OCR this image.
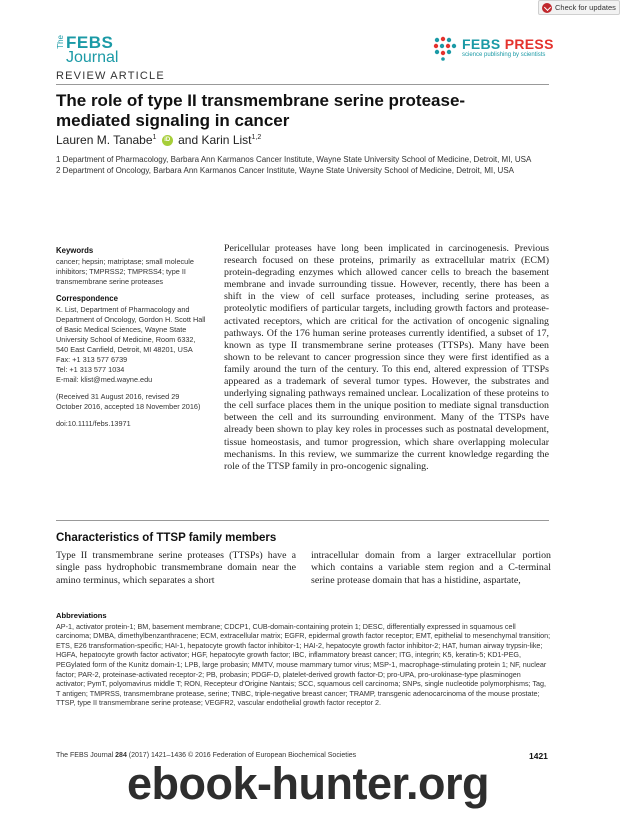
Check for updates
The FEBS
Journal
FEBS PRESS
science publishing by scientists
REVIEW ARTICLE
The role of type II transmembrane serine protease-mediated signaling in cancer
Lauren M. Tanabe$^1$ iD and Karin List$^{1,2}$
1 Department of Pharmacology, Barbara Ann Karmanos Cancer Institute, Wayne State University School of Medicine, Detroit, MI, USA
2 Department of Oncology, Barbara Ann Karmanos Cancer Institute, Wayne State University School of Medicine, Detroit, MI, USA
Keywords

cancer; hepsin; matriptase; small molecule inhibitors; TMPRSS2; TMPRSS4; type II transmembrane serine proteases

Correspondence

K. List, Department of Pharmacology and Department of Oncology, Gordon H. Scott Hall of Basic Medical Sciences, Wayne State University School of Medicine, Room 6332, 540 East Canfield, Detroit, MI 48201, USA

Fax: +1 313 577 6739

Tel: +1 313 577 1034

E-mail: klist@med.wayne.edu

(Received 31 August 2016, revised 29 October 2016, accepted 18 November 2016)

doi:10.1111/febs.13971

Pericellular proteases have long been implicated in carcinogenesis. Previous research focused on these proteins, primarily as extracellular matrix (ECM) protein-degrading enzymes which allowed cancer cells to breach the basement membrane and invade surrounding tissue. However, recently, there has been a shift in the view of cell surface proteases, including serine proteases, as proteolytic modifiers of particular targets, including growth factors and protease-activated receptors, which are critical for the activation of oncogenic signaling pathways. Of the 176 human serine proteases currently identified, a subset of 17, known as type II transmembrane serine proteases (TTSPs). Many have been shown to be relevant to cancer progression since they were first identified as a family around the turn of the century. To this end, altered expression of TTSPs appeared as a trademark of several tumor types. However, the substrates and underlying signaling pathways remained unclear. Localization of these proteins to the cell surface places them in the unique position to mediate signal transduction between the cell and its surrounding environment. Many of the TTSPs have already been shown to play key roles in processes such as postnatal development, tissue homeostasis, and tumor progression, which share overlapping molecular mechanisms. In this review, we summarize the current knowledge regarding the role of the TTSP family in pro-oncogenic signaling.
Characteristics of TTSP family members
Type II transmembrane serine proteases (TTSPs) have a single pass hydrophobic transmembrane domain near the amino terminus, which separates a short
intracellular domain from a larger extracellular portion which contains a variable stem region and a C-terminal serine protease domain that has a histidine, aspartate,
Abbreviations

AP-1, activator protein-1; BM, basement membrane; CDCP1, CUB-domain-containing protein 1; DESC, differentially expressed in squamous cell carcinoma; DMBA, dimethylbenzanthracene; ECM, extracellular matrix; EGFR, epidermal growth factor receptor; EMT, epithelial to mesenchymal transition; ETS, E26 transformation-specific; HAI-1, hepatocyte growth factor inhibitor-1; HAI-2, hepatocyte growth factor inhibitor-2; HAT, human airway trypsin-like; HGFA, hepatocyte growth factor activator; HGF, hepatocyte growth factor; IBC, inflammatory breast cancer; ITG, integrin; K5, keratin-5; KD1-PEG, PEGylated form of the Kunitz domain-1; LPB, large probasin; MMTV, mouse mammary tumor virus; MSP-1, macrophage-stimulating protein 1; NF, nuclear factor; PAR-2, proteinase-activated receptor-2; PB, probasin; PDGF-D, platelet-derived growth factor-D; pro-UPA, pro-urokinase-type plasminogen activator; PymT, polyomavirus middle T; RON, Recepteur d'Origine Nantais; SCC, squamous cell carcinoma; SNPs, single nucleotide polymorphisms; Tag, T antigen; TMPRSS, transmembrane protease, serine; TNBC, triple-negative breast cancer; TRAMP, transgenic adenocarcinoma of the mouse prostate; TTSP, type II transmembrane serine protease; VEGFR2, vascular endothelial growth factor receptor 2.

The FEBS Journal 284 (2017) 1421–1436 © 2016 Federation of European Biochemical Societies	1421
ebook-hunter.org
